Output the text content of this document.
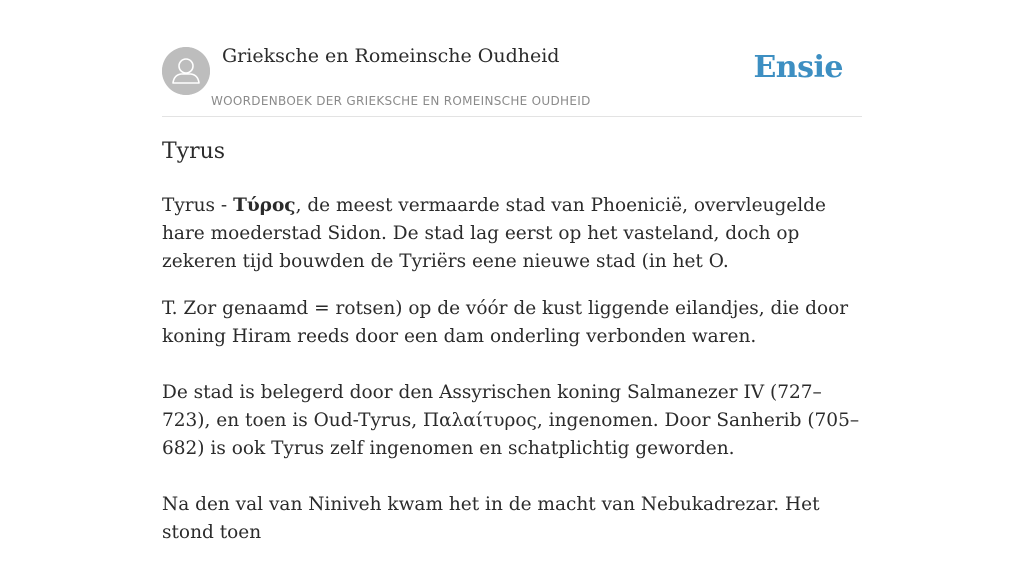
Grieksche en Romeinsche Oudheid
WOORDENBOEK DER GRIEKSCHE EN ROMEINSCHE OUDHEID
Ensie
Tyrus

Tyrus - Τύρος, de meest vermaarde stad van Phoenicië, overvleugelde hare moederstad Sidon. De stad lag eerst op het vasteland, doch op zekeren tijd bouwden de Tyriërs eene nieuwe stad (in het O.

T. Zor genaamd = rotsen) op de vóór de kust liggende eilandjes, die door koning Hiram reeds door een dam onderling verbonden waren.

De stad is belegerd door den Assyrischen koning Salmanezer IV (727–723), en toen is Oud-Tyrus, Παλαίτυρος, ingenomen. Door Sanherib (705–682) is ook Tyrus zelf ingenomen en schatplichtig geworden.

Na den val van Niniveh kwam het in de macht van Nebukadrezar. Het stond toen
